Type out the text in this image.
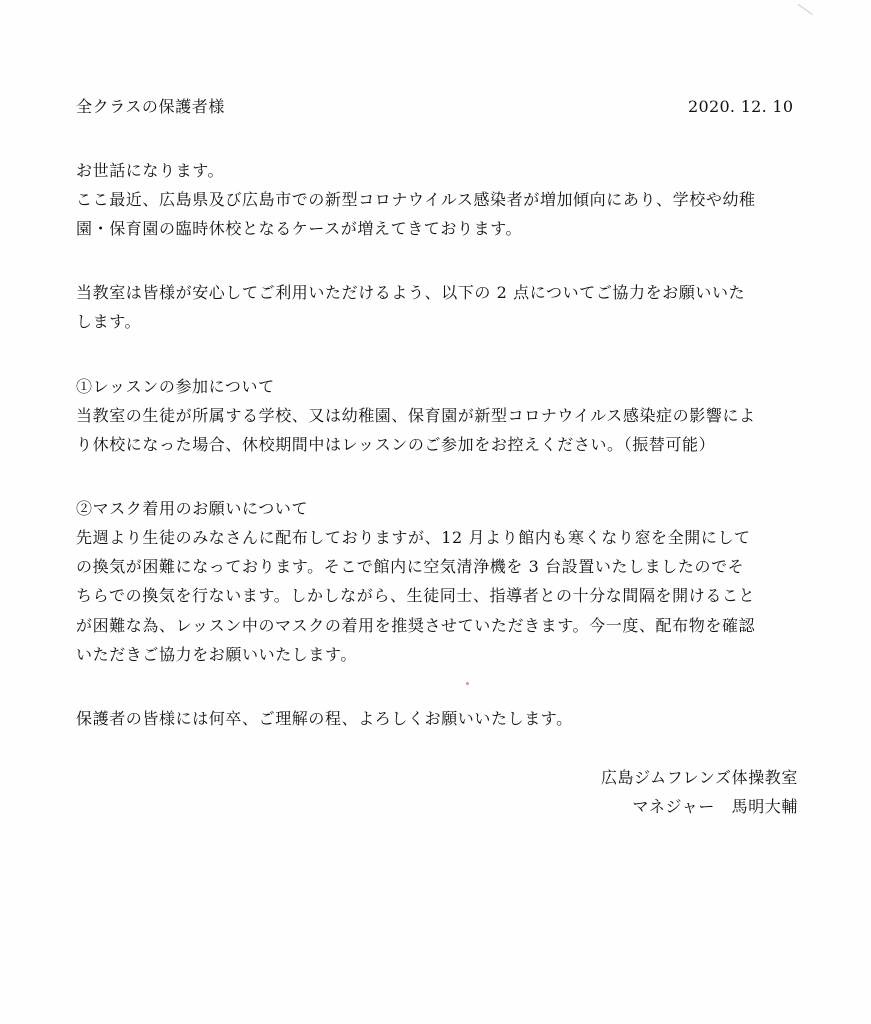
全クラスの保護者様	2020. 12. 10
お世話になります。
ここ最近、広島県及び広島市での新型コロナウイルス感染者が増加傾向にあり、学校や幼稚
園・保育園の臨時休校となるケースが増えてきております。
当教室は皆様が安心してご利用いただけるよう、以下の 2 点についてご協力をお願いいた
します。
①レッスンの参加について
当教室の生徒が所属する学校、又は幼稚園、保育園が新型コロナウイルス感染症の影響によ
り休校になった場合、休校期間中はレッスンのご参加をお控えください。（振替可能）
②マスク着用のお願いについて
先週より生徒のみなさんに配布しておりますが、12 月より館内も寒くなり窓を全開にして
の換気が困難になっております。そこで館内に空気清浄機を 3 台設置いたしましたのでそ
ちらでの換気を行ないます。しかしながら、生徒同士、指導者との十分な間隔を開けること
が困難な為、レッスン中のマスクの着用を推奨させていただきます。今一度、配布物を確認
いただきご協力をお願いいたします。
保護者の皆様には何卒、ご理解の程、よろしくお願いいたします。
広島ジムフレンズ体操教室
マネジャー　馬明大輔
